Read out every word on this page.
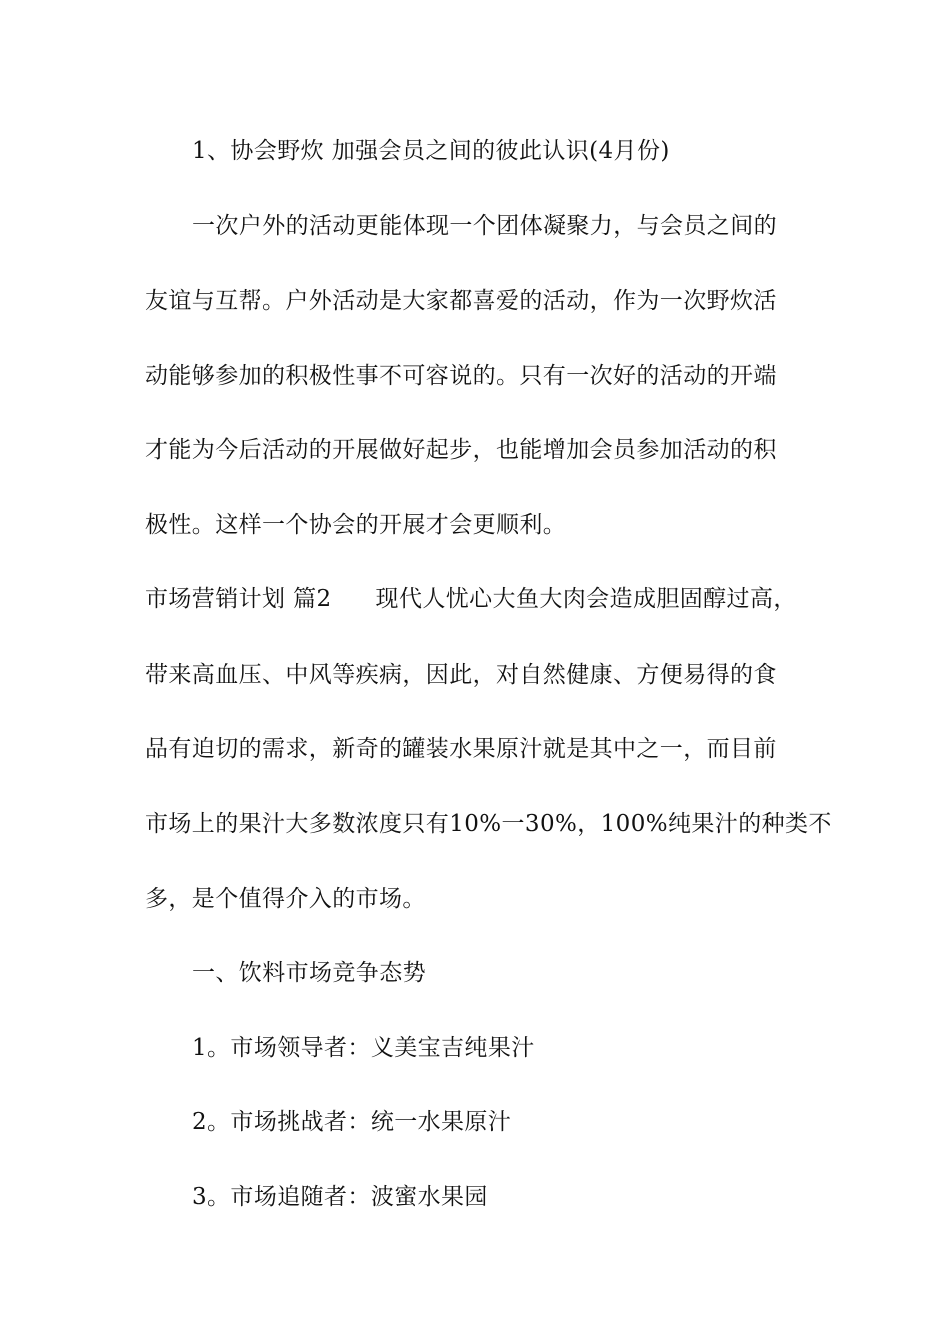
1、协会野炊 加强会员之间的彼此认识(4月份)
一次户外的活动更能体现一个团体凝聚力，与会员之间的
友谊与互帮。户外活动是大家都喜爱的活动，作为一次野炊活
动能够参加的积极性事不可容说的。只有一次好的活动的开端
才能为今后活动的开展做好起步，也能增加会员参加活动的积
极性。这样一个协会的开展才会更顺利。
市场营销计划 篇2 现代人忧心大鱼大肉会造成胆固醇过高，
带来高血压、中风等疾病，因此，对自然健康、方便易得的食
品有迫切的需求，新奇的罐装水果原汁就是其中之一，而目前
市场上的果汁大多数浓度只有10%一30%，100%纯果汁的种类不
多，是个值得介入的市场。
一、饮料市场竞争态势
1。市场领导者：义美宝吉纯果汁
2。市场挑战者：统一水果原汁
3。市场追随者：波蜜水果园
